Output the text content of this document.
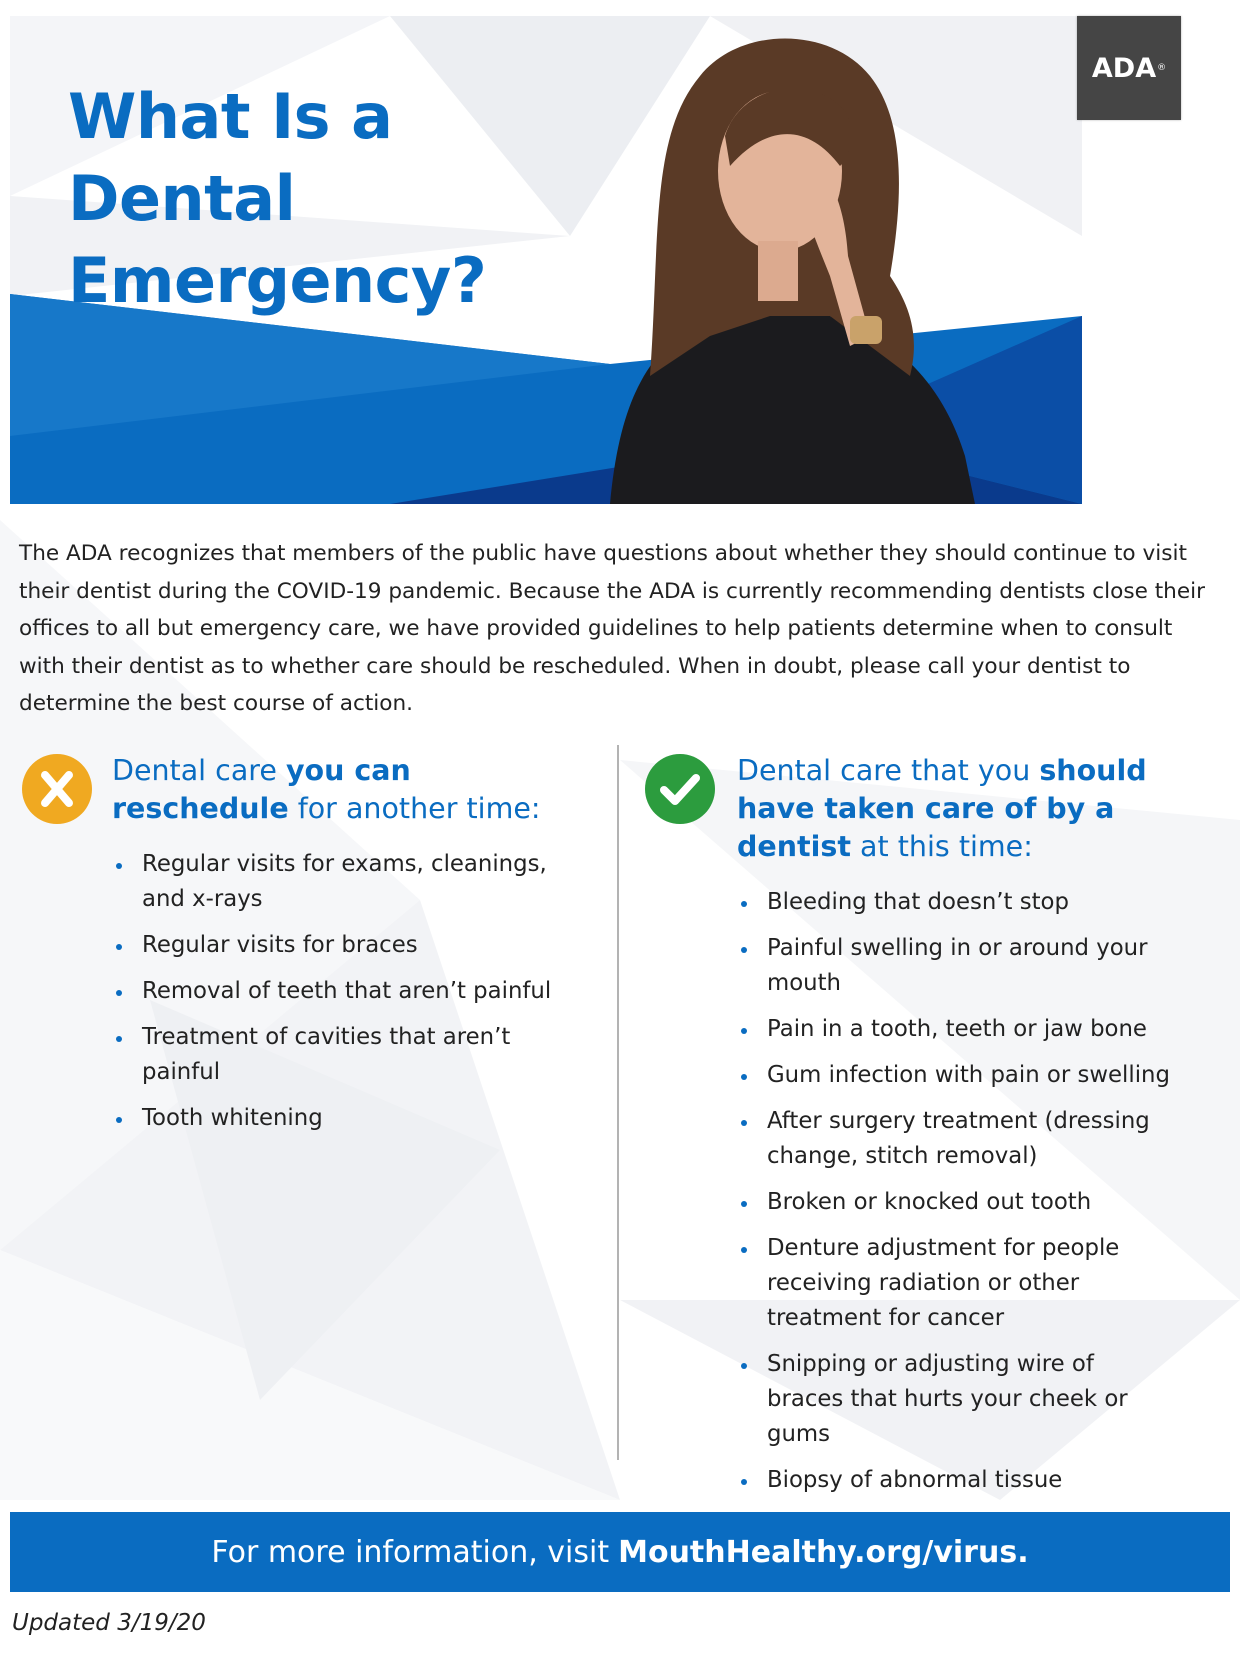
What Is a Dental
Emergency?
ADA ®

The ADA recognizes that members of the public have questions about whether they should continue to visit their dentist during the COVID-19 pandemic. Because the ADA is currently recommending dentists close their offices to all but emergency care, we have provided guidelines to help patients determine when to consult with their dentist as to whether care should be rescheduled. When in doubt, please call your dentist to determine the best course of action.

Dental care you can reschedule for another time:
Regular visits for exams, cleanings, and x-rays
Regular visits for braces
Removal of teeth that aren’t painful
Treatment of cavities that aren’t painful
Tooth whitening
Dental care that you should have taken care of by a dentist at this time:
Bleeding that doesn’t stop
Painful swelling in or around your mouth
Pain in a tooth, teeth or jaw bone
Gum infection with pain or swelling
After surgery treatment (dressing change, stitch removal)
Broken or knocked out tooth
Denture adjustment for people receiving radiation or other treatment for cancer
Snipping or adjusting wire of braces that hurts your cheek or gums
Biopsy of abnormal tissue
For more information, visit MouthHealthy.org/virus.

Updated 3/19/20
